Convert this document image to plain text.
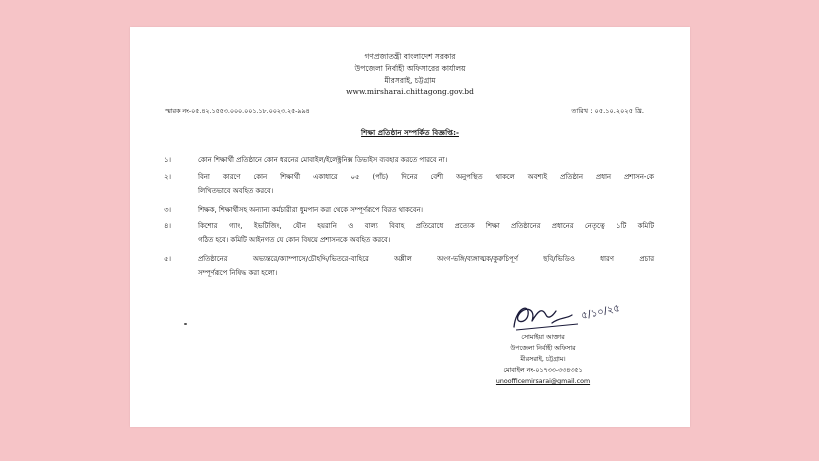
গণপ্রজাতন্ত্রী বাংলাদেশ সরকার
উপজেলা নির্বাহী অফিসারের কার্যালয়
মীরসরাই, চট্টগ্রাম
www.mirsharai.chittagong.gov.bd
স্মারক নং-০৫.৪২.১৫৫৩.০০০.০০১.১৮.০০২৩.২৫-৯৯৪	তারিখ : ০৫.১০.২০২৫ খ্রি.
শিক্ষা প্রতিষ্ঠান সম্পর্কিত বিজ্ঞপ্তি:-
১।	কোন শিক্ষার্থী প্রতিষ্ঠানে কোন ধরনের মোবাইল/ইলেক্ট্রনিক্স ডিভাইস ব্যবহার করতে পারবে না।
২।	বিনা কারণে কোন শিক্ষার্থী একাধারে ০৫ (পাঁচ) দিনের বেশী অনুপস্থিত থাকলে অবশ্যই প্রতিষ্ঠান প্রধান প্রশাসন-কে
লিখিতভাবে অবহিত করবে।
৩।	শিক্ষক, শিক্ষার্থীসহ অন্যান্য কর্মচারীরা ধুমপান করা থেকে সম্পূর্ণরূপে বিরত থাকবেন।
৪।	কিশোর গ্যাং, ইভটিজিং, যৌন হয়রানি ও বাল্য বিবাহ প্রতিরোধে প্রত্যেক শিক্ষা প্রতিষ্ঠানের প্রধানের নেতৃত্বে ১টি কমিটি
গঠিত হবে। কমিটি আইনগত যে কোন বিষয়ে প্রশাসনকে অবহিত করবে।
৫।	প্রতিষ্ঠানের অভ্যন্তরে/ক্যাম্পাসে/চৌহদ্দি/ভিতরে-বাহিরে অশ্লীল অংগ-ভঙ্গি/ব্যঙ্গাত্মক/কুরুচিপূর্ণ ছবি/ভিডিও ধারণ প্রচার
সম্পূর্ণরূপে নিষিদ্ধ করা হলো।
৫/১০/২৫
সোমাইয়া আক্তার
উপজেলা নির্বাহী অফিসার
মীরসরাই, চট্টগ্রাম।
মোবাইল নং-০১৭৩৩-৩৩৪৩৫১
unoofficemirsarai@gmail.com
